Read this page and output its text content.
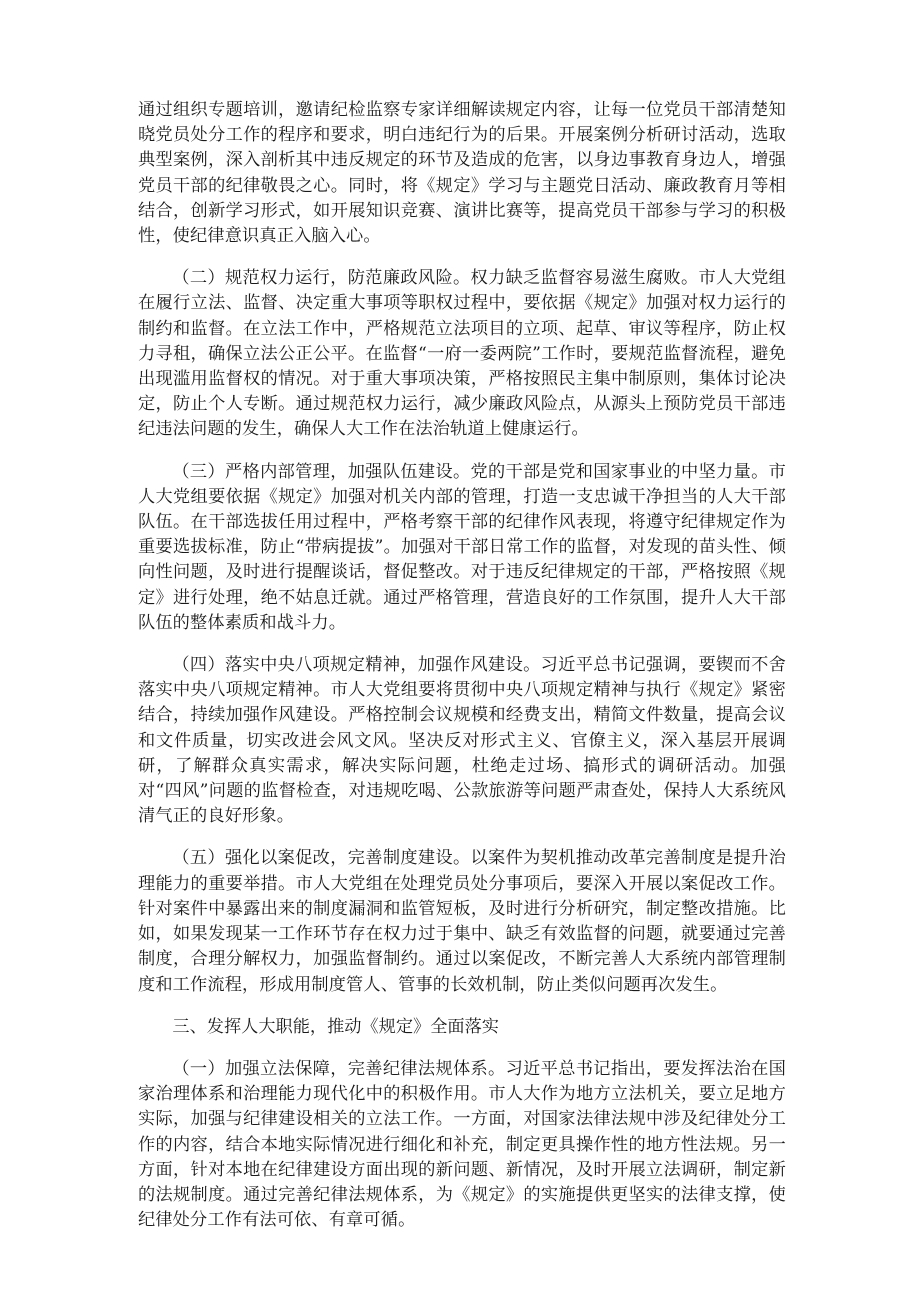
通过组织专题培训，邀请纪检监察专家详细解读规定内容，让每一位党员干部清楚知晓党员处分工作的程序和要求，明白违纪行为的后果。开展案例分析研讨活动，选取典型案例，深入剖析其中违反规定的环节及造成的危害，以身边事教育身边人，增强党员干部的纪律敬畏之心。同时，将《规定》学习与主题党日活动、廉政教育月等相结合，创新学习形式，如开展知识竞赛、演讲比赛等，提高党员干部参与学习的积极性，使纪律意识真正入脑入心。

（二）规范权力运行，防范廉政风险。权力缺乏监督容易滋生腐败。市人大党组在履行立法、监督、决定重大事项等职权过程中，要依据《规定》加强对权力运行的制约和监督。在立法工作中，严格规范立法项目的立项、起草、审议等程序，防止权力寻租，确保立法公正公平。在监督“一府一委两院”工作时，要规范监督流程，避免出现滥用监督权的情况。对于重大事项决策，严格按照民主集中制原则，集体讨论决定，防止个人专断。通过规范权力运行，减少廉政风险点，从源头上预防党员干部违纪违法问题的发生，确保人大工作在法治轨道上健康运行。

（三）严格内部管理，加强队伍建设。党的干部是党和国家事业的中坚力量。市人大党组要依据《规定》加强对机关内部的管理，打造一支忠诚干净担当的人大干部队伍。在干部选拔任用过程中，严格考察干部的纪律作风表现，将遵守纪律规定作为重要选拔标准，防止“带病提拔”。加强对干部日常工作的监督，对发现的苗头性、倾向性问题，及时进行提醒谈话，督促整改。对于违反纪律规定的干部，严格按照《规定》进行处理，绝不姑息迁就。通过严格管理，营造良好的工作氛围，提升人大干部队伍的整体素质和战斗力。

（四）落实中央八项规定精神，加强作风建设。习近平总书记强调，要锲而不舍落实中央八项规定精神。市人大党组要将贯彻中央八项规定精神与执行《规定》紧密结合，持续加强作风建设。严格控制会议规模和经费支出，精简文件数量，提高会议和文件质量，切实改进会风文风。坚决反对形式主义、官僚主义，深入基层开展调研，了解群众真实需求，解决实际问题，杜绝走过场、搞形式的调研活动。加强对“四风”问题的监督检查，对违规吃喝、公款旅游等问题严肃查处，保持人大系统风清气正的良好形象。

（五）强化以案促改，完善制度建设。以案件为契机推动改革完善制度是提升治理能力的重要举措。市人大党组在处理党员处分事项后，要深入开展以案促改工作。针对案件中暴露出来的制度漏洞和监管短板，及时进行分析研究，制定整改措施。比如，如果发现某一工作环节存在权力过于集中、缺乏有效监督的问题，就要通过完善制度，合理分解权力，加强监督制约。通过以案促改，不断完善人大系统内部管理制度和工作流程，形成用制度管人、管事的长效机制，防止类似问题再次发生。

三、发挥人大职能，推动《规定》全面落实

（一）加强立法保障，完善纪律法规体系。习近平总书记指出，要发挥法治在国家治理体系和治理能力现代化中的积极作用。市人大作为地方立法机关，要立足地方实际，加强与纪律建设相关的立法工作。一方面，对国家法律法规中涉及纪律处分工作的内容，结合本地实际情况进行细化和补充，制定更具操作性的地方性法规。另一方面，针对本地在纪律建设方面出现的新问题、新情况，及时开展立法调研，制定新的法规制度。通过完善纪律法规体系，为《规定》的实施提供更坚实的法律支撑，使纪律处分工作有法可依、有章可循。
